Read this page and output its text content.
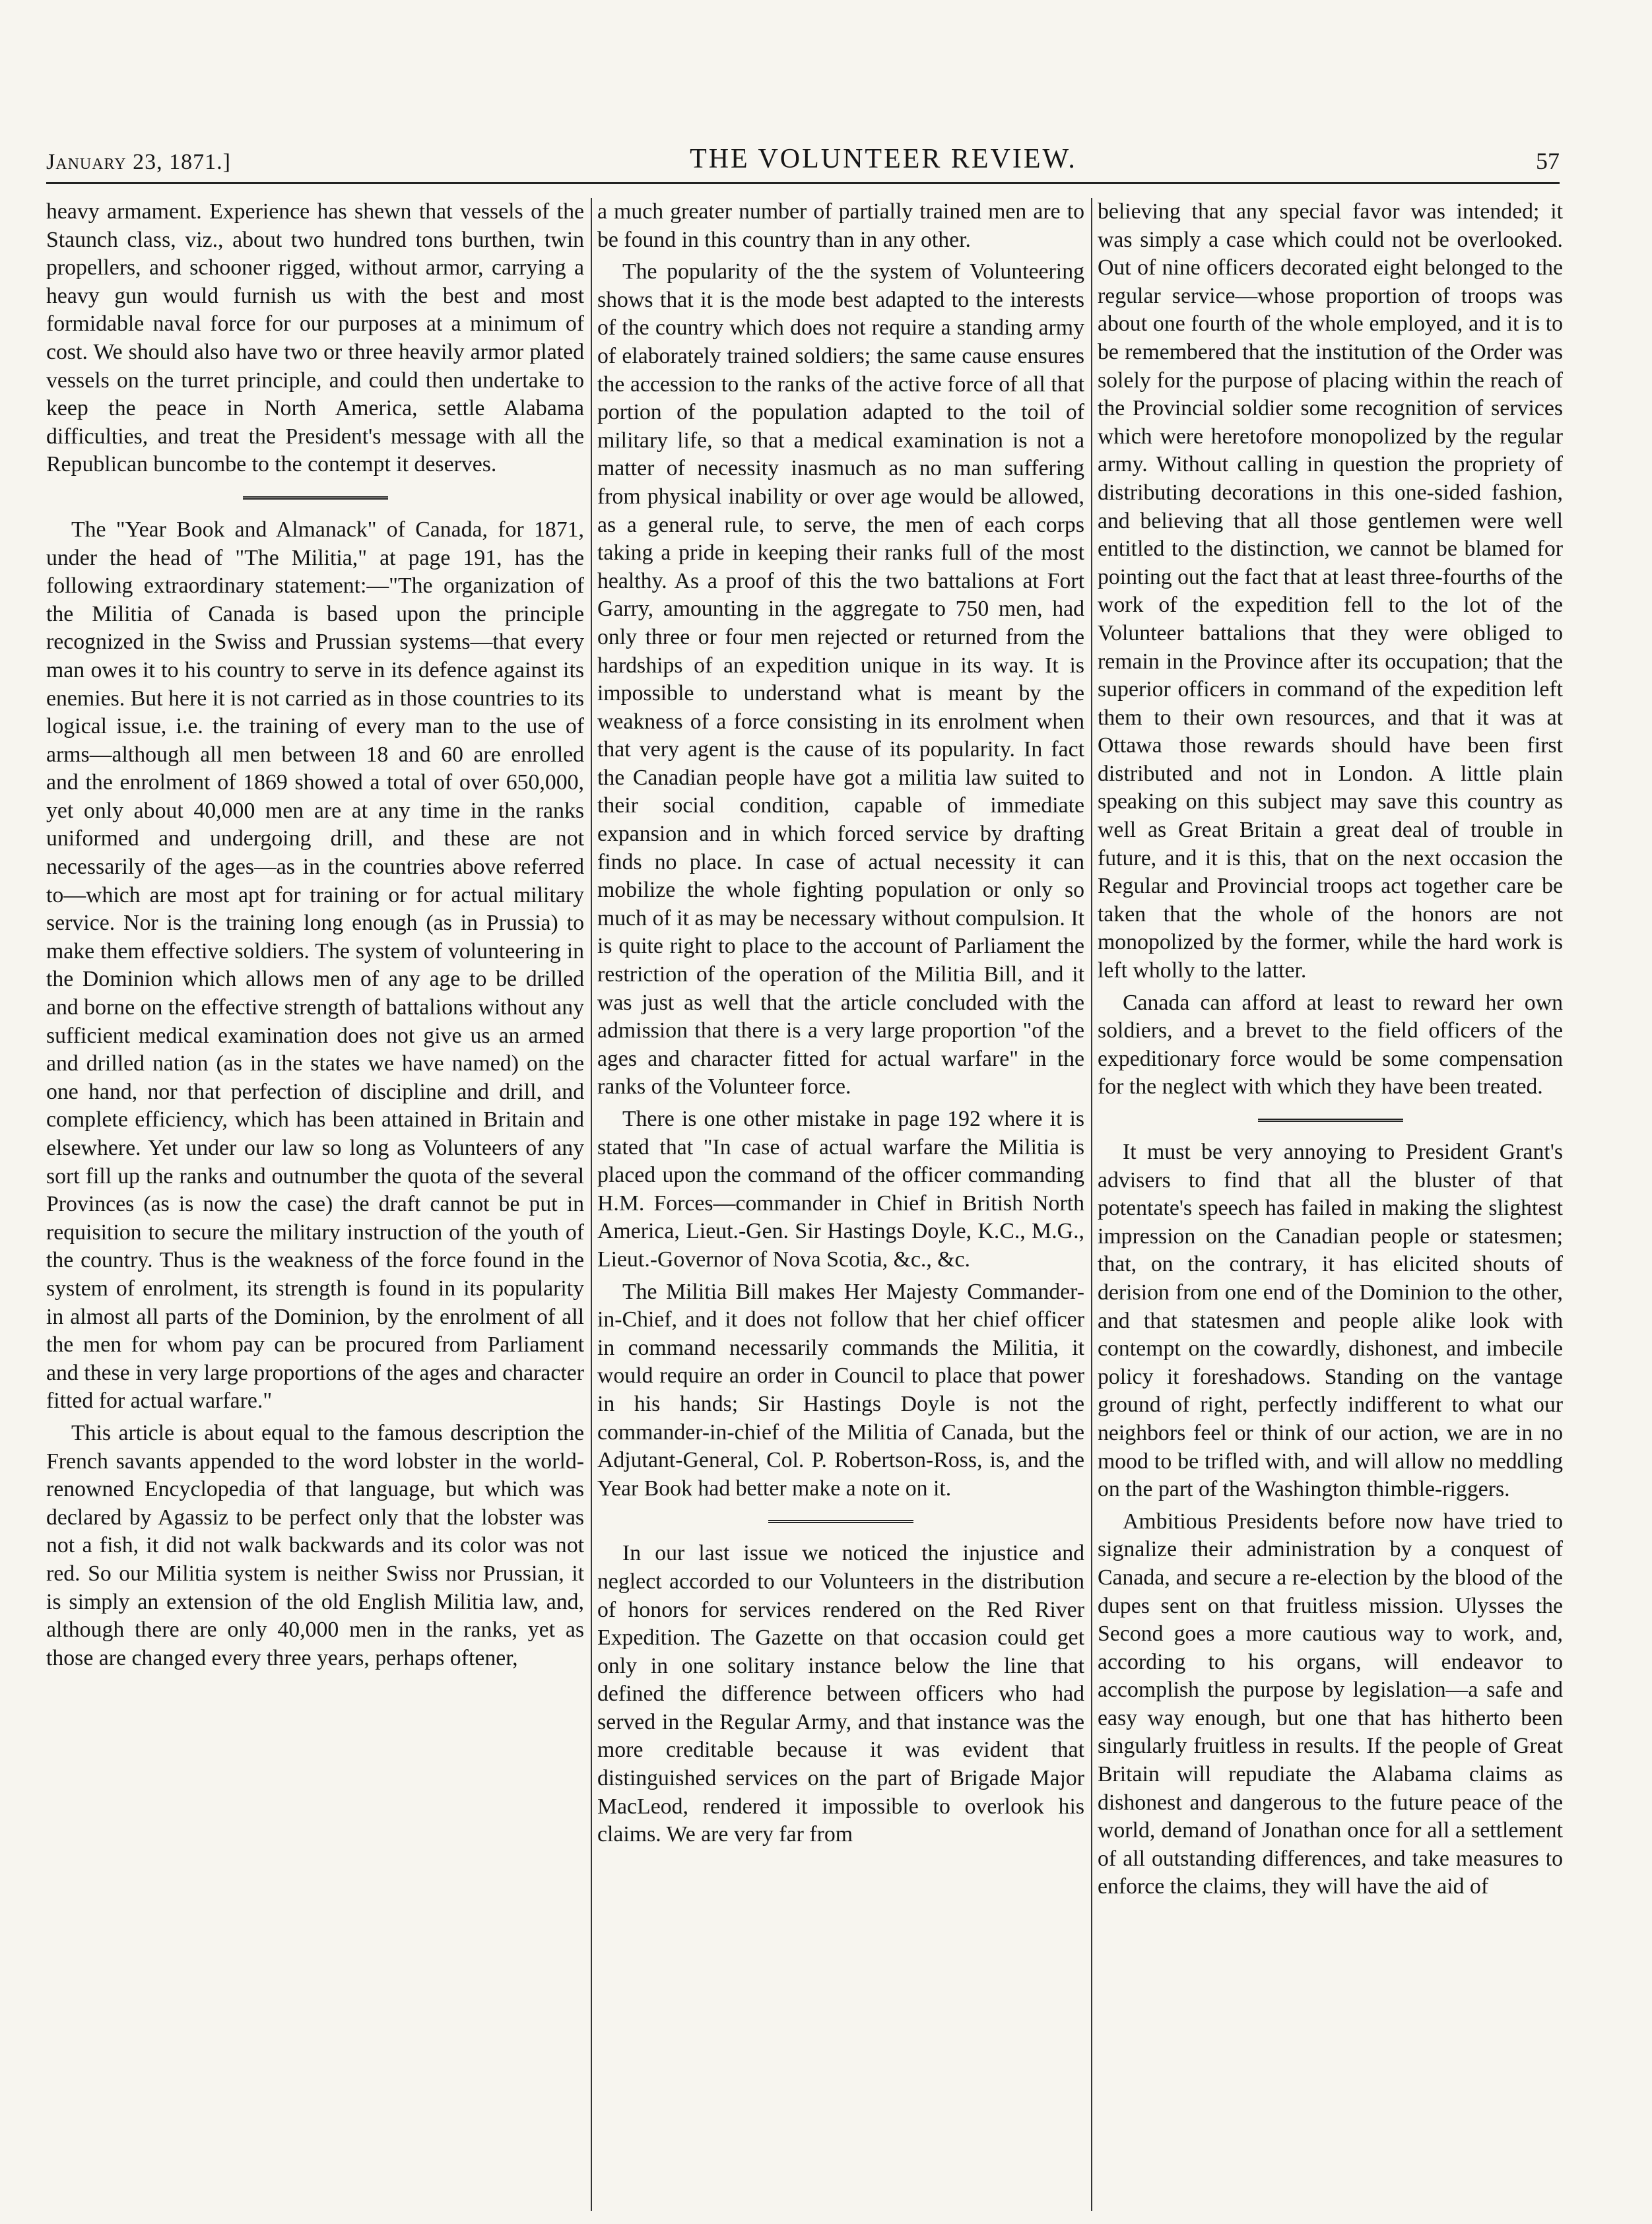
January 23, 1871.]	THE VOLUNTEER REVIEW.	57

heavy armament. Experience has shewn that vessels of the Staunch class, viz., about two hundred tons burthen, twin propellers, and schooner rigged, without armor, carrying a heavy gun would furnish us with the best and most formidable naval force for our purposes at a minimum of cost. We should also have two or three heavily armor plated vessels on the turret principle, and could then undertake to keep the peace in North America, settle Alabama difficulties, and treat the President's message with all the Republican buncombe to the contempt it deserves.

The "Year Book and Almanack" of Canada, for 1871, under the head of "The Militia," at page 191, has the following extraordinary statement:—"The organization of the Militia of Canada is based upon the principle recognized in the Swiss and Prussian systems—that every man owes it to his country to serve in its defence against its enemies. But here it is not carried as in those countries to its logical issue, i.e. the training of every man to the use of arms—although all men between 18 and 60 are enrolled and the enrolment of 1869 showed a total of over 650,000, yet only about 40,000 men are at any time in the ranks uniformed and undergoing drill, and these are not necessarily of the ages—as in the countries above referred to—which are most apt for training or for actual military service. Nor is the training long enough (as in Prussia) to make them effective soldiers. The system of volunteering in the Dominion which allows men of any age to be drilled and borne on the effective strength of battalions without any sufficient medical examination does not give us an armed and drilled nation (as in the states we have named) on the one hand, nor that perfection of discipline and drill, and complete efficiency, which has been attained in Britain and elsewhere. Yet under our law so long as Volunteers of any sort fill up the ranks and outnumber the quota of the several Provinces (as is now the case) the draft cannot be put in requisition to secure the military instruction of the youth of the country. Thus is the weakness of the force found in the system of enrolment, its strength is found in its popularity in almost all parts of the Dominion, by the enrolment of all the men for whom pay can be procured from Parliament and these in very large proportions of the ages and character fitted for actual warfare."

This article is about equal to the famous description the French savants appended to the word lobster in the world-renowned Encyclopedia of that language, but which was declared by Agassiz to be perfect only that the lobster was not a fish, it did not walk backwards and its color was not red. So our Militia system is neither Swiss nor Prussian, it is simply an extension of the old English Militia law, and, although there are only 40,000 men in the ranks, yet as those are changed every three years, perhaps oftener,

a much greater number of partially trained men are to be found in this country than in any other.

The popularity of the the system of Volunteering shows that it is the mode best adapted to the interests of the country which does not require a standing army of elaborately trained soldiers; the same cause ensures the accession to the ranks of the active force of all that portion of the population adapted to the toil of military life, so that a medical examination is not a matter of necessity inasmuch as no man suffering from physical inability or over age would be allowed, as a general rule, to serve, the men of each corps taking a pride in keeping their ranks full of the most healthy. As a proof of this the two battalions at Fort Garry, amounting in the aggregate to 750 men, had only three or four men rejected or returned from the hardships of an expedition unique in its way. It is impossible to understand what is meant by the weakness of a force consisting in its enrolment when that very agent is the cause of its popularity. In fact the Canadian people have got a militia law suited to their social condition, capable of immediate expansion and in which forced service by drafting finds no place. In case of actual necessity it can mobilize the whole fighting population or only so much of it as may be necessary without compulsion. It is quite right to place to the account of Parliament the restriction of the operation of the Militia Bill, and it was just as well that the article concluded with the admission that there is a very large proportion "of the ages and character fitted for actual warfare" in the ranks of the Volunteer force.

There is one other mistake in page 192 where it is stated that "In case of actual warfare the Militia is placed upon the command of the officer commanding H.M. Forces—commander in Chief in British North America, Lieut.-Gen. Sir Hastings Doyle, K.C., M.G., Lieut.-Governor of Nova Scotia, &c., &c.

The Militia Bill makes Her Majesty Commander-in-Chief, and it does not follow that her chief officer in command necessarily commands the Militia, it would require an order in Council to place that power in his hands; Sir Hastings Doyle is not the commander-in-chief of the Militia of Canada, but the Adjutant-General, Col. P. Robertson-Ross, is, and the Year Book had better make a note on it.

In our last issue we noticed the injustice and neglect accorded to our Volunteers in the distribution of honors for services rendered on the Red River Expedition. The Gazette on that occasion could get only in one solitary instance below the line that defined the difference between officers who had served in the Regular Army, and that instance was the more creditable because it was evident that distinguished services on the part of Brigade Major MacLeod, rendered it impossible to overlook his claims. We are very far from

believing that any special favor was intended; it was simply a case which could not be overlooked. Out of nine officers decorated eight belonged to the regular service—whose proportion of troops was about one fourth of the whole employed, and it is to be remembered that the institution of the Order was solely for the purpose of placing within the reach of the Provincial soldier some recognition of services which were heretofore monopolized by the regular army. Without calling in question the propriety of distributing decorations in this one-sided fashion, and believing that all those gentlemen were well entitled to the distinction, we cannot be blamed for pointing out the fact that at least three-fourths of the work of the expedition fell to the lot of the Volunteer battalions that they were obliged to remain in the Province after its occupation; that the superior officers in command of the expedition left them to their own resources, and that it was at Ottawa those rewards should have been first distributed and not in London. A little plain speaking on this subject may save this country as well as Great Britain a great deal of trouble in future, and it is this, that on the next occasion the Regular and Provincial troops act together care be taken that the whole of the honors are not monopolized by the former, while the hard work is left wholly to the latter.

Canada can afford at least to reward her own soldiers, and a brevet to the field officers of the expeditionary force would be some compensation for the neglect with which they have been treated.

It must be very annoying to President Grant's advisers to find that all the bluster of that potentate's speech has failed in making the slightest impression on the Canadian people or statesmen; that, on the contrary, it has elicited shouts of derision from one end of the Dominion to the other, and that statesmen and people alike look with contempt on the cowardly, dishonest, and imbecile policy it foreshadows. Standing on the vantage ground of right, perfectly indifferent to what our neighbors feel or think of our action, we are in no mood to be trifled with, and will allow no meddling on the part of the Washington thimble-riggers.

Ambitious Presidents before now have tried to signalize their administration by a conquest of Canada, and secure a re-election by the blood of the dupes sent on that fruitless mission. Ulysses the Second goes a more cautious way to work, and, according to his organs, will endeavor to accomplish the purpose by legislation—a safe and easy way enough, but one that has hitherto been singularly fruitless in results. If the people of Great Britain will repudiate the Alabama claims as dishonest and dangerous to the future peace of the world, demand of Jonathan once for all a settlement of all outstanding differences, and take measures to enforce the claims, they will have the aid of
